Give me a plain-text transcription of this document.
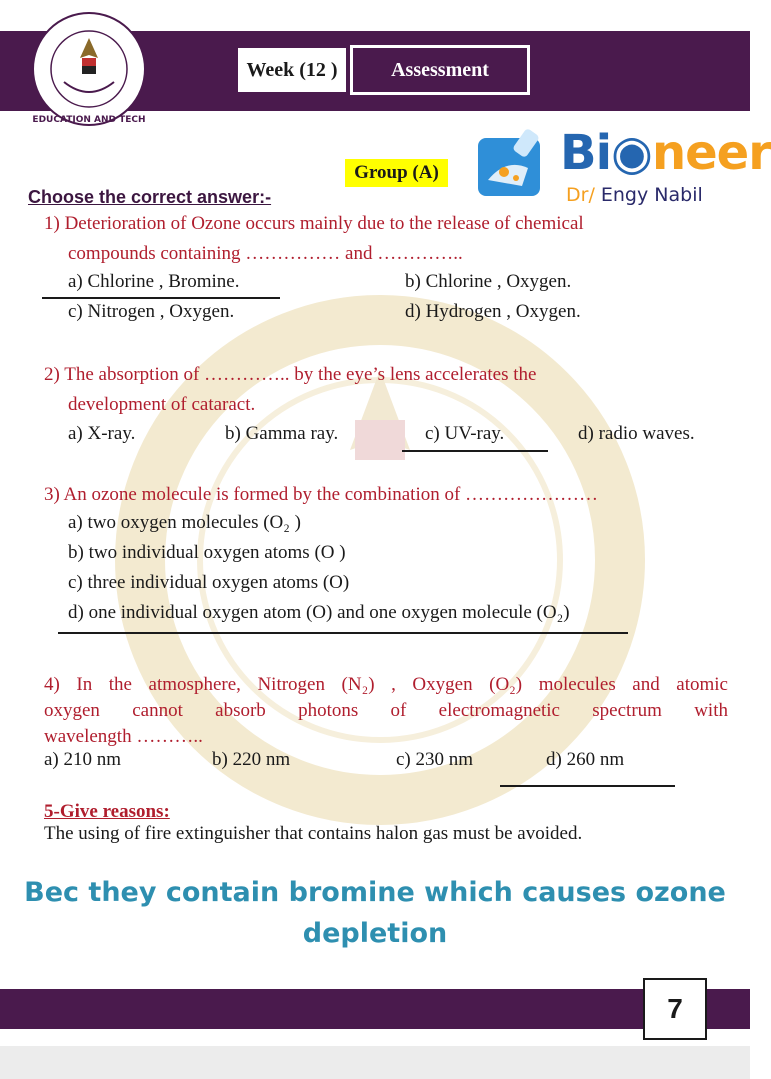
EDUCATION AND TECH
Week (12 )	Assessment
Group (A)	Bi◉neer
Dr/ Engy Nabil
Choose the correct answer:-
1) Deterioration of Ozone occurs mainly due to the release of chemical
compounds containing …………… and …………..
a) Chlorine , Bromine.	b) Chlorine , Oxygen.
c) Nitrogen , Oxygen.	d) Hydrogen , Oxygen.
2) The absorption of ………….. by the eye’s lens accelerates the
development of cataract.
a) X-ray.	b) Gamma ray.	c) UV-ray.	d) radio waves.
3) An ozone molecule is formed by the combination of …………………
a) two oxygen molecules (O₂ )
b) two individual oxygen atoms (O )
c) three individual oxygen atoms (O)
d) one individual oxygen atom (O) and one oxygen molecule (O₂)
4) In the atmosphere, Nitrogen (N₂) , Oxygen (O₂) molecules and atomic
oxygen cannot absorb photons of electromagnetic spectrum with
wavelength ………..
a) 210 nm	b) 220 nm	c) 230 nm	d) 260 nm
5-Give reasons:
The using of fire extinguisher that contains halon gas must be avoided.
Bec they contain bromine which causes ozone depletion
7
